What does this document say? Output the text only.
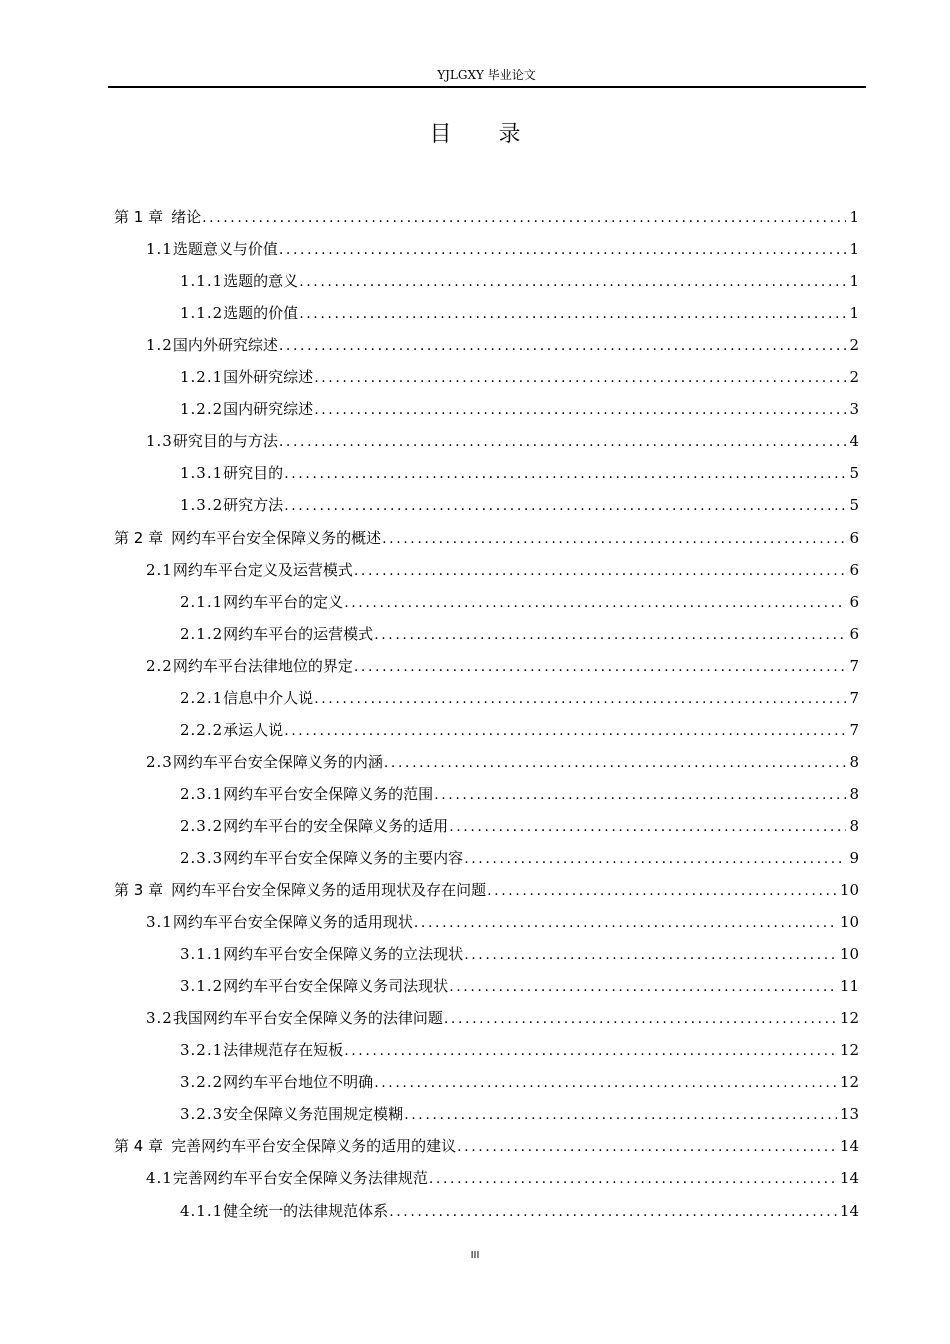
YJLGXY 毕业论文
目 录
第 1 章 绪论 .....	1
1.1 选题意义与价值 .....	1
1.1.1 选题的意义 .....	1
1.1.2 选题的价值 .....	1
1.2 国内外研究综述 .....	2
1.2.1 国外研究综述 .....	2
1.2.2 国内研究综述 .....	3
1.3 研究目的与方法 .....	4
1.3.1 研究目的 .....	5
1.3.2 研究方法 .....	5
第 2 章 网约车平台安全保障义务的概述 .....	6
2.1 网约车平台定义及运营模式 .....	6
2.1.1 网约车平台的定义 .....	6
2.1.2 网约车平台的运营模式 .....	6
2.2 网约车平台法律地位的界定 .....	7
2.2.1 信息中介人说 .....	7
2.2.2 承运人说 .....	7
2.3 网约车平台安全保障义务的内涵 .....	8
2.3.1 网约车平台安全保障义务的范围 .....	8
2.3.2 网约车平台的安全保障义务的适用 .....	8
2.3.3 网约车平台安全保障义务的主要内容 .....	9
第 3 章 网约车平台安全保障义务的适用现状及存在问题 .....	10
3.1 网约车平台安全保障义务的适用现状 .....	10
3.1.1 网约车平台安全保障义务的立法现状 .....	10
3.1.2 网约车平台安全保障义务司法现状 .....	11
3.2 我国网约车平台安全保障义务的法律问题 .....	12
3.2.1 法律规范存在短板 .....	12
3.2.2 网约车平台地位不明确 .....	12
3.2.3 安全保障义务范围规定模糊 .....	13
第 4 章 完善网约车平台安全保障义务的适用的建议 .....	14
4.1 完善网约车平台安全保障义务法律规范 .....	14
4.1.1 健全统一的法律规范体系 .....	14
III
